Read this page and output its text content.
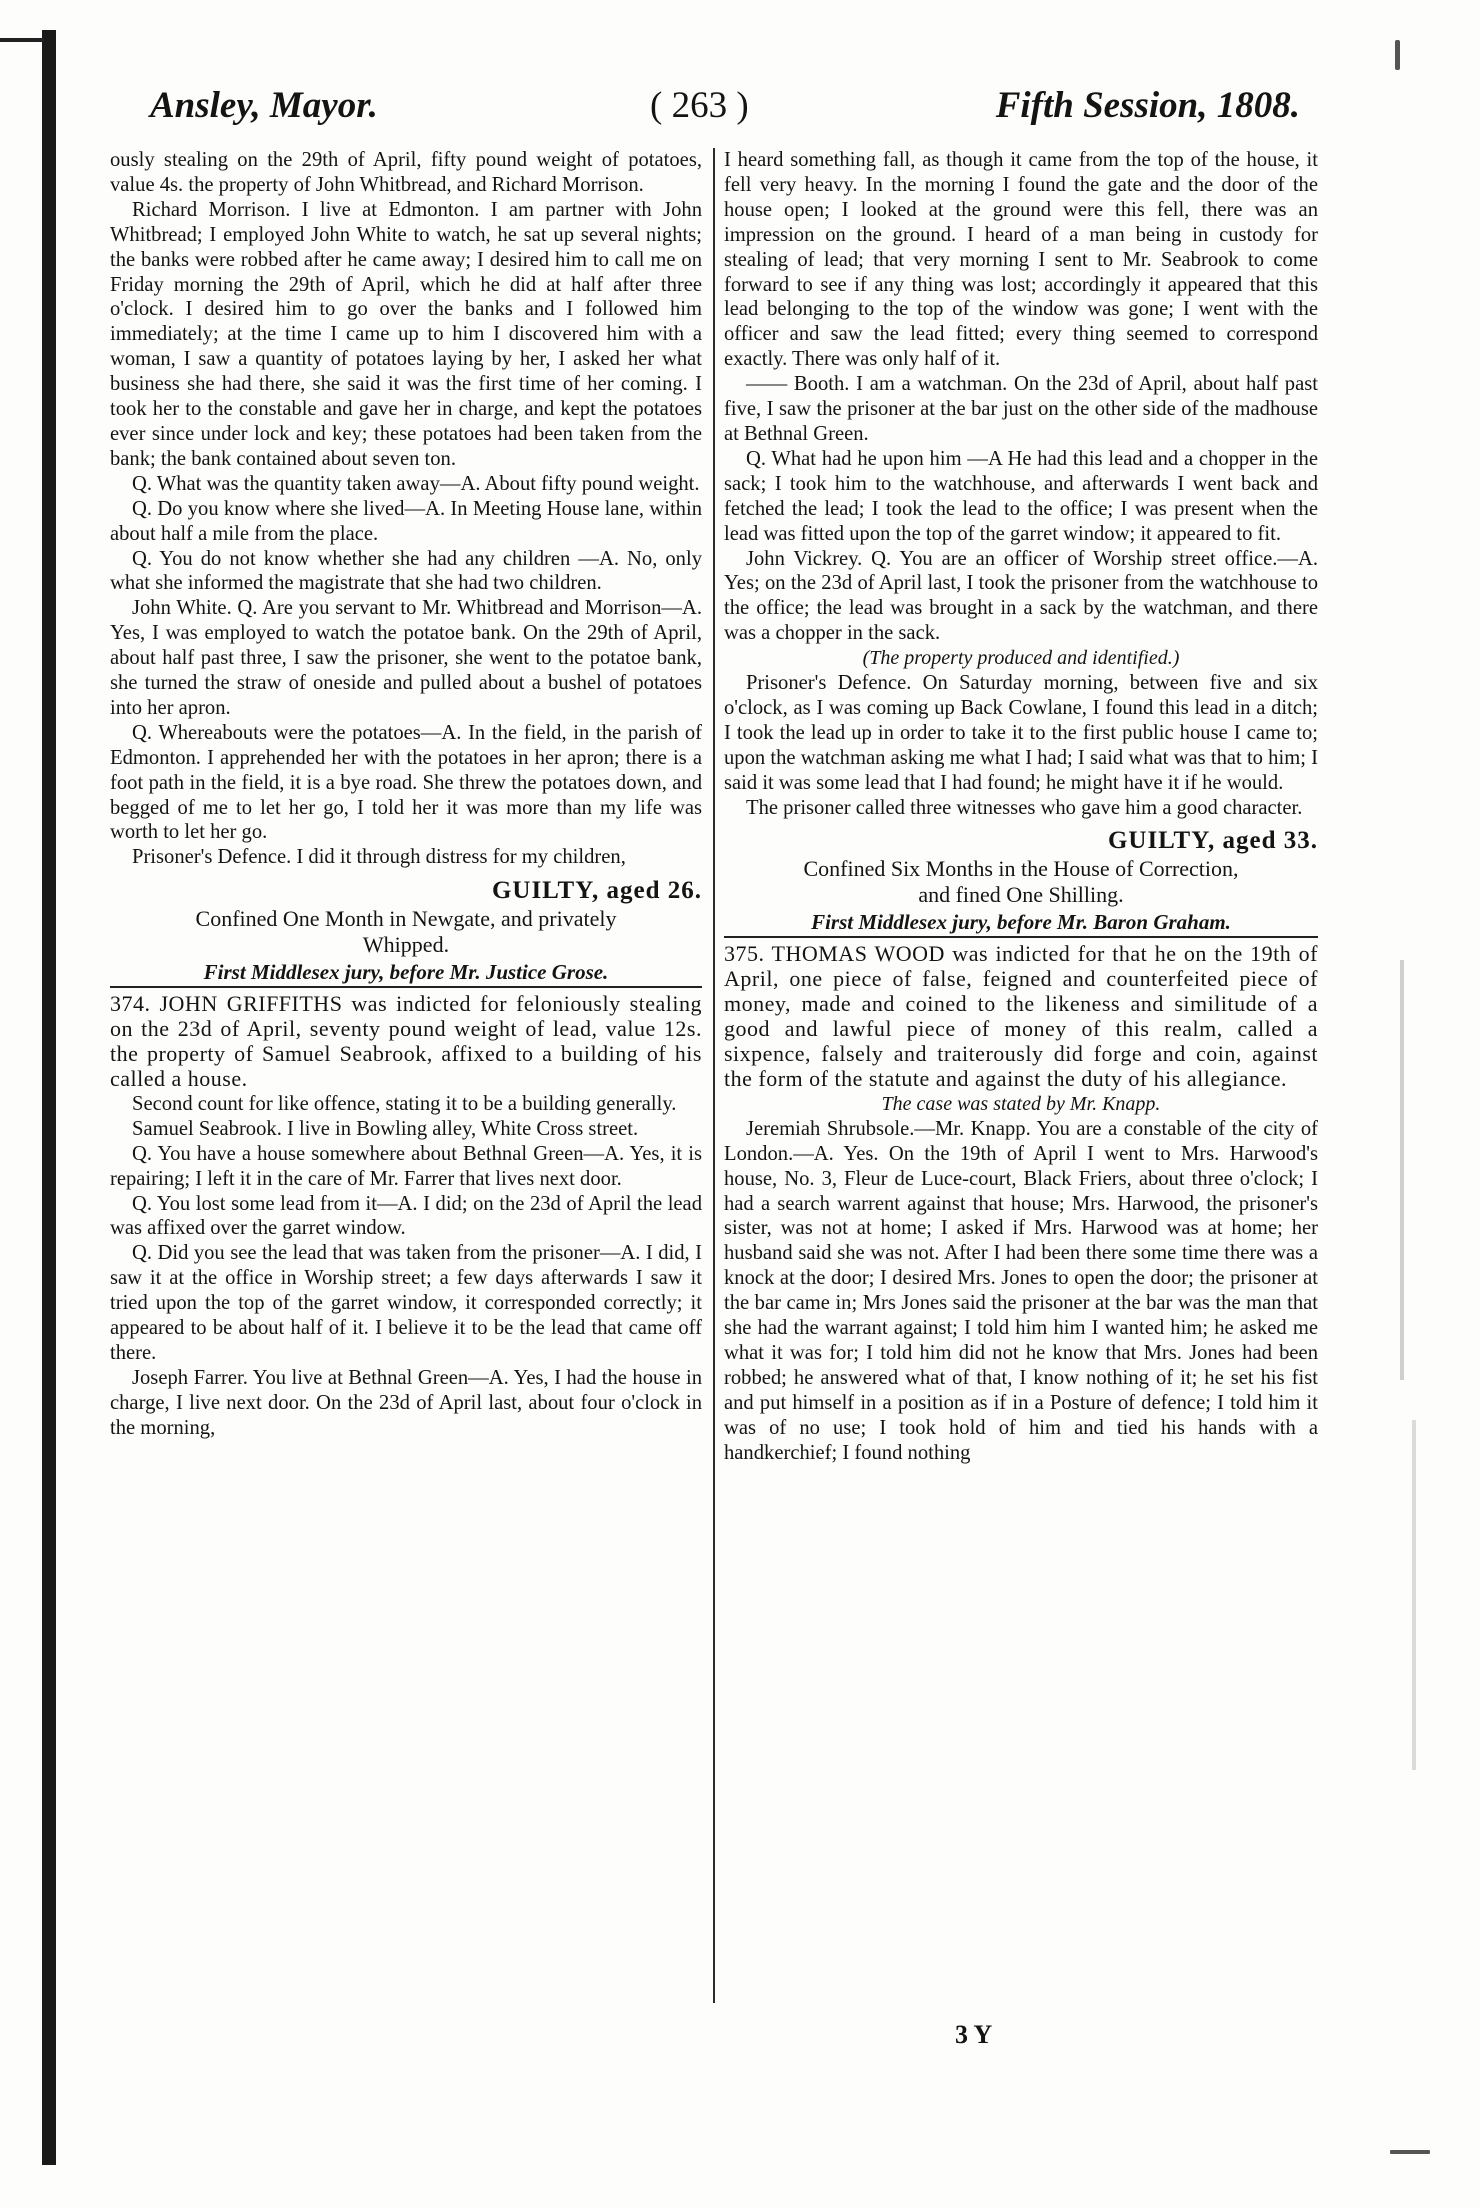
Ansley, Mayor.	( 263 )	Fifth Session, 1808.

ously stealing on the 29th of April, fifty pound weight of potatoes, value 4s. the property of John Whitbread, and Richard Morrison.

Richard Morrison. I live at Edmonton. I am partner with John Whitbread; I employed John White to watch, he sat up several nights; the banks were robbed after he came away; I desired him to call me on Friday morning the 29th of April, which he did at half after three o'clock. I desired him to go over the banks and I followed him immediately; at the time I came up to him I discovered him with a woman, I saw a quantity of potatoes laying by her, I asked her what business she had there, she said it was the first time of her coming. I took her to the constable and gave her in charge, and kept the potatoes ever since under lock and key; these potatoes had been taken from the bank; the bank contained about seven ton.

Q. What was the quantity taken away—A. About fifty pound weight.

Q. Do you know where she lived—A. In Meeting House lane, within about half a mile from the place.

Q. You do not know whether she had any children —A. No, only what she informed the magistrate that she had two children.

John White. Q. Are you servant to Mr. Whitbread and Morrison—A. Yes, I was employed to watch the potatoe bank. On the 29th of April, about half past three, I saw the prisoner, she went to the potatoe bank, she turned the straw of oneside and pulled about a bushel of potatoes into her apron.

Q. Whereabouts were the potatoes—A. In the field, in the parish of Edmonton. I apprehended her with the potatoes in her apron; there is a foot path in the field, it is a bye road. She threw the potatoes down, and begged of me to let her go, I told her it was more than my life was worth to let her go.

Prisoner's Defence. I did it through distress for my children,

GUILTY, aged 26.
Confined One Month in Newgate, and privately
Whipped.
First Middlesex jury, before Mr. Justice Grose.

374. JOHN GRIFFITHS was indicted for feloniously stealing on the 23d of April, seventy pound weight of lead, value 12s. the property of Samuel Seabrook, affixed to a building of his called a house.

Second count for like offence, stating it to be a building generally.

Samuel Seabrook. I live in Bowling alley, White Cross street.

Q. You have a house somewhere about Bethnal Green—A. Yes, it is repairing; I left it in the care of Mr. Farrer that lives next door.

Q. You lost some lead from it—A. I did; on the 23d of April the lead was affixed over the garret window.

Q. Did you see the lead that was taken from the prisoner—A. I did, I saw it at the office in Worship street; a few days afterwards I saw it tried upon the top of the garret window, it corresponded correctly; it appeared to be about half of it. I believe it to be the lead that came off there.

Joseph Farrer. You live at Bethnal Green—A. Yes, I had the house in charge, I live next door. On the 23d of April last, about four o'clock in the morning,

I heard something fall, as though it came from the top of the house, it fell very heavy. In the morning I found the gate and the door of the house open; I looked at the ground were this fell, there was an impression on the ground. I heard of a man being in custody for stealing of lead; that very morning I sent to Mr. Seabrook to come forward to see if any thing was lost; accordingly it appeared that this lead belonging to the top of the window was gone; I went with the officer and saw the lead fitted; every thing seemed to correspond exactly. There was only half of it.

—— Booth. I am a watchman. On the 23d of April, about half past five, I saw the prisoner at the bar just on the other side of the madhouse at Bethnal Green.

Q. What had he upon him —A He had this lead and a chopper in the sack; I took him to the watchhouse, and afterwards I went back and fetched the lead; I took the lead to the office; I was present when the lead was fitted upon the top of the garret window; it appeared to fit.

John Vickrey. Q. You are an officer of Worship street office.—A. Yes; on the 23d of April last, I took the prisoner from the watchhouse to the office; the lead was brought in a sack by the watchman, and there was a chopper in the sack.

(The property produced and identified.)

Prisoner's Defence. On Saturday morning, between five and six o'clock, as I was coming up Back Cowlane, I found this lead in a ditch; I took the lead up in order to take it to the first public house I came to; upon the watchman asking me what I had; I said what was that to him; I said it was some lead that I had found; he might have it if he would.

The prisoner called three witnesses who gave him a good character.

GUILTY, aged 33.
Confined Six Months in the House of Correction,
and fined One Shilling.
First Middlesex jury, before Mr. Baron Graham.

375. THOMAS WOOD was indicted for that he on the 19th of April, one piece of false, feigned and counterfeited piece of money, made and coined to the likeness and similitude of a good and lawful piece of money of this realm, called a sixpence, falsely and traiterously did forge and coin, against the form of the statute and against the duty of his allegiance.

The case was stated by Mr. Knapp.

Jeremiah Shrubsole.—Mr. Knapp. You are a constable of the city of London.—A. Yes. On the 19th of April I went to Mrs. Harwood's house, No. 3, Fleur de Luce-court, Black Friers, about three o'clock; I had a search warrent against that house; Mrs. Harwood, the prisoner's sister, was not at home; I asked if Mrs. Harwood was at home; her husband said she was not. After I had been there some time there was a knock at the door; I desired Mrs. Jones to open the door; the prisoner at the bar came in; Mrs Jones said the prisoner at the bar was the man that she had the warrant against; I told him him I wanted him; he asked me what it was for; I told him did not he know that Mrs. Jones had been robbed; he answered what of that, I know nothing of it; he set his fist and put himself in a position as if in a Posture of defence; I told him it was of no use; I took hold of him and tied his hands with a handkerchief; I found nothing

3 Y
